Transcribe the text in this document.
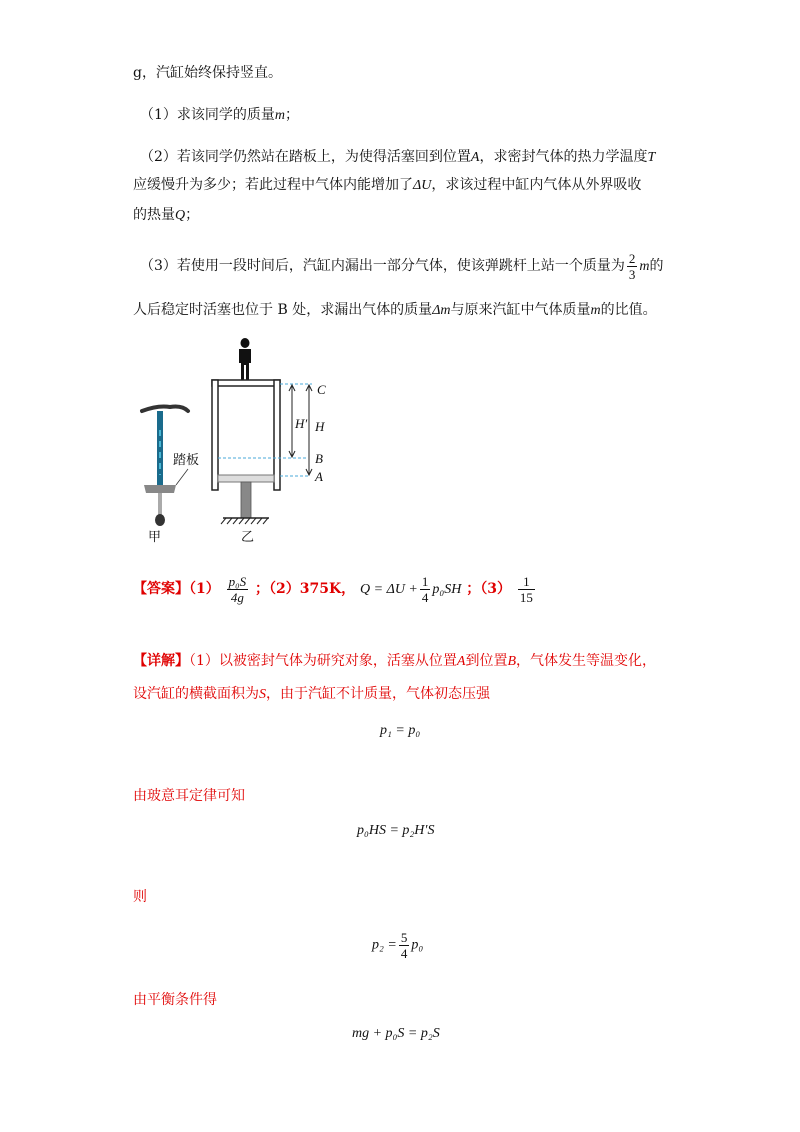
g，汽缸始终保持竖直。
（1）求该同学的质量m；
（2）若该同学仍然站在踏板上，为使得活塞回到位置A，求密封气体的热力学温度T
应缓慢升为多少；若此过程中气体内能增加了ΔU，求该过程中缸内气体从外界吸收
的热量Q；
（3）若使用一段时间后，汽缸内漏出一部分气体，使该弹跳杆上站一个质量为 $\frac{2}{3}$ m的
人后稳定时活塞也位于 B 处，求漏出气体的质量Δm与原来汽缸中气体质量m的比值。
踏板
甲	乙
C
H
H′
B
A
【答案】$(1) \frac{\text{p₀S}}{4g}$ ；（2）375K， $Q = \Delta U + \frac{1}{4} p_0SH$ ；$(3) \frac{1}{15}$
【详解】（1）以被密封气体为研究对象，活塞从位置A到位置B，气体发生等温变化，
设汽缸的横截面积为S，由于汽缸不计质量，气体初态压强
p₁ = p₀
由玻意耳定律可知
p₀HS = p₂H′S
则
$p_2 = \frac{5}{4} p_0$
由平衡条件得
mg + p₀S = p₂S
